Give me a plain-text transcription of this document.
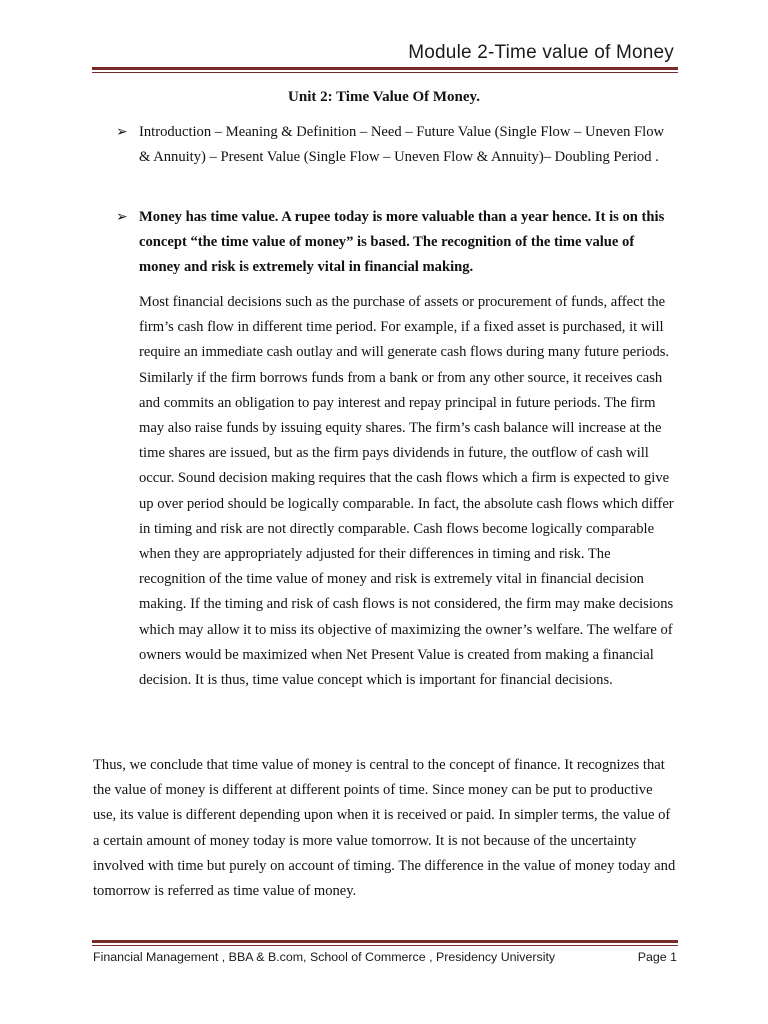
Module 2-Time value of Money
Unit 2: Time Value Of Money.
➢ Introduction – Meaning & Definition – Need – Future Value (Single Flow – Uneven Flow & Annuity) – Present Value (Single Flow – Uneven Flow & Annuity)– Doubling Period .
➢ Money has time value. A rupee today is more valuable than a year hence. It is on this concept “the time value of money” is based. The recognition of the time value of money and risk is extremely vital in financial making.
Most financial decisions such as the purchase of assets or procurement of funds, affect the firm’s cash flow in different time period. For example, if a fixed asset is purchased, it will require an immediate cash outlay and will generate cash flows during many future periods. Similarly if the firm borrows funds from a bank or from any other source, it receives cash and commits an obligation to pay interest and repay principal in future periods. The firm may also raise funds by issuing equity shares. The firm’s cash balance will increase at the time shares are issued, but as the firm pays dividends in future, the outflow of cash will occur. Sound decision making requires that the cash flows which a firm is expected to give up over period should be logically comparable. In fact, the absolute cash flows which differ in timing and risk are not directly comparable. Cash flows become logically comparable when they are appropriately adjusted for their differences in timing and risk. The recognition of the time value of money and risk is extremely vital in financial decision making. If the timing and risk of cash flows is not considered, the firm may make decisions which may allow it to miss its objective of maximizing the owner’s welfare. The welfare of owners would be maximized when Net Present Value is created from making a financial decision. It is thus, time value concept which is important for financial decisions.
Thus, we conclude that time value of money is central to the concept of finance. It recognizes that the value of money is different at different points of time. Since money can be put to productive use, its value is different depending upon when it is received or paid. In simpler terms, the value of a certain amount of money today is more value tomorrow. It is not because of the uncertainty involved with time but purely on account of timing. The difference in the value of money today and tomorrow is referred as time value of money.
Financial Management , BBA & B.com, School of Commerce , Presidency University	Page 1
